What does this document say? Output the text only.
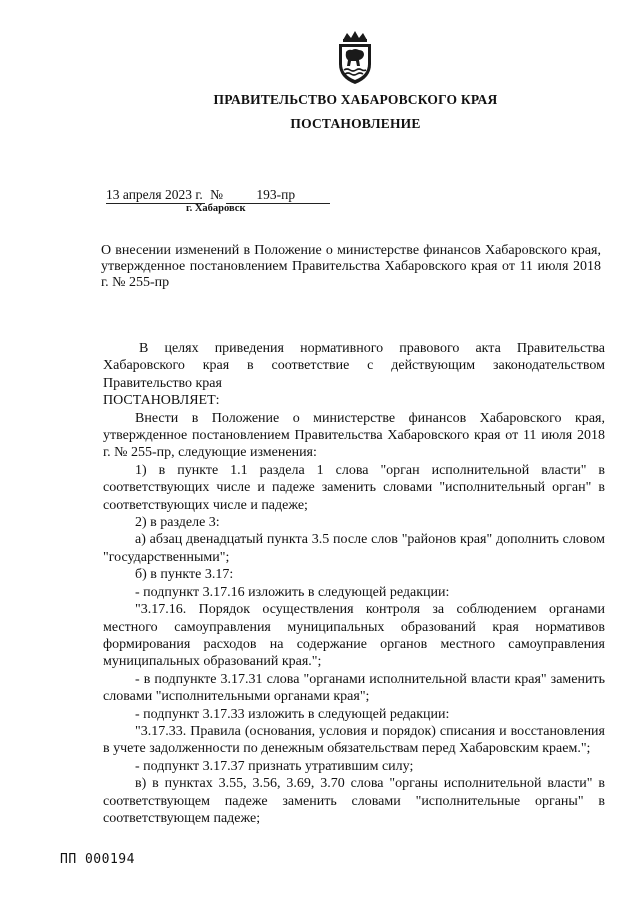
ПРАВИТЕЛЬСТВО ХАБАРОВСКОГО КРАЯ
ПОСТАНОВЛЕНИЕ
13 апреля 2023 г. № 193-пр
г. Хабаровск
О внесении изменений в Положение о министерстве финансов Хабаровского края, утвержденное постановлением Правительства Хабаровского края от 11 июля 2018 г. № 255-пр

В целях приведения нормативного правового акта Правительства Хабаровского края в соответствие с действующим законодательством Правительство края

ПОСТАНОВЛЯЕТ:

Внести в Положение о министерстве финансов Хабаровского края, утвержденное постановлением Правительства Хабаровского края от 11 июля 2018 г. № 255-пр, следующие изменения:

1) в пункте 1.1 раздела 1 слова "орган исполнительной власти" в соответствующих числе и падеже заменить словами "исполнительный орган" в соответствующих числе и падеже;

2) в разделе 3:

а) абзац двенадцатый пункта 3.5 после слов "районов края" дополнить словом "государственными";

б) в пункте 3.17:

- подпункт 3.17.16 изложить в следующей редакции:

"3.17.16. Порядок осуществления контроля за соблюдением органами местного самоуправления муниципальных образований края нормативов формирования расходов на содержание органов местного самоуправления муниципальных образований края.";

- в подпункте 3.17.31 слова "органами исполнительной власти края" заменить словами "исполнительными органами края";

- подпункт 3.17.33 изложить в следующей редакции:

"3.17.33. Правила (основания, условия и порядок) списания и восстановления в учете задолженности по денежным обязательствам перед Хабаровским краем.";

- подпункт 3.17.37 признать утратившим силу;

в) в пунктах 3.55, 3.56, 3.69, 3.70 слова "органы исполнительной власти" в соответствующем падеже заменить словами "исполнительные органы" в соответствующем падеже;

ПП 000194
